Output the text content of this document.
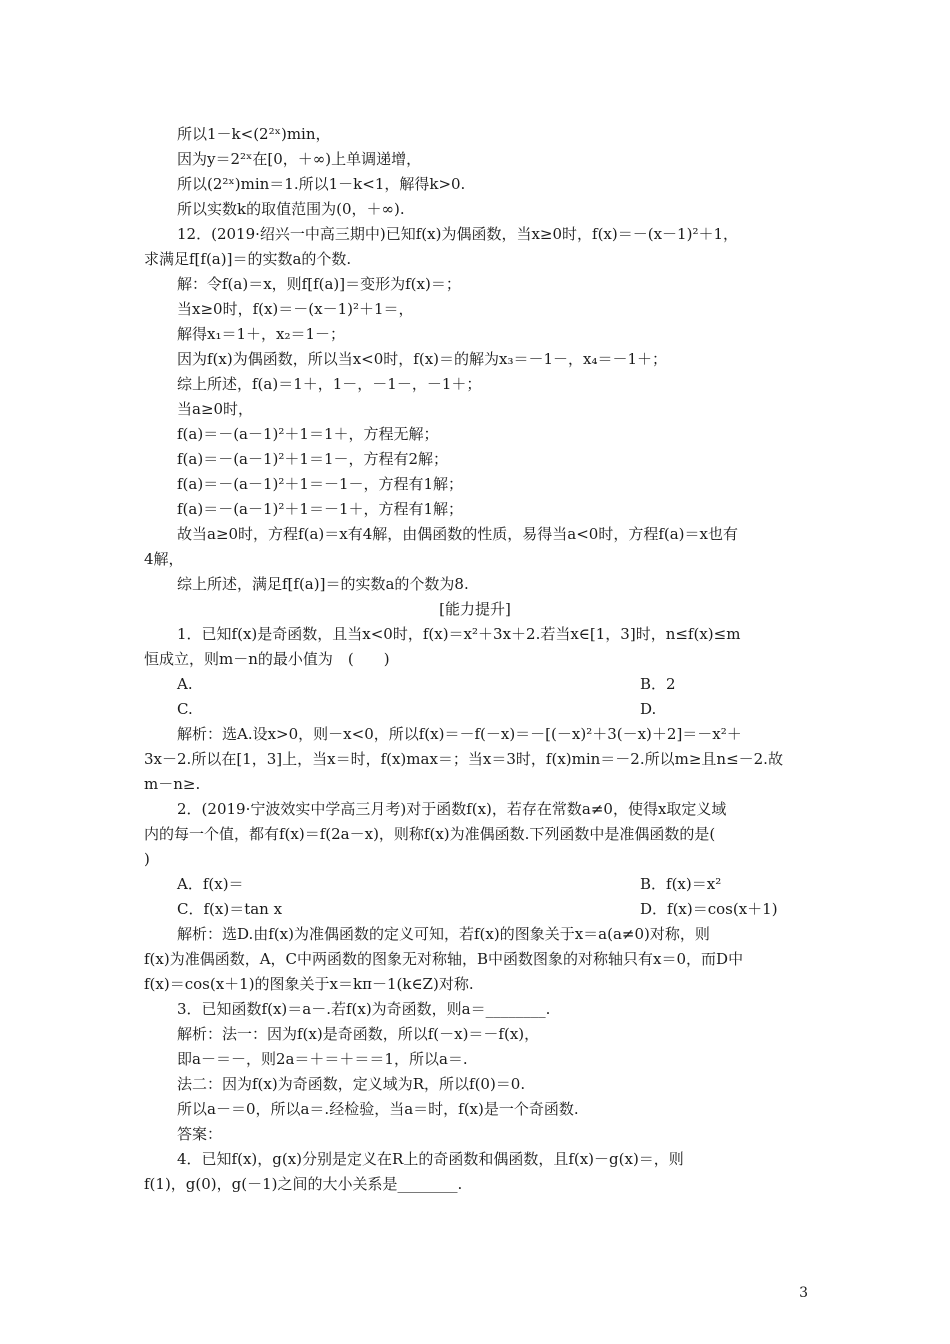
所以1－k<(2²ˣ)min，
因为y＝2²ˣ在[0，＋∞)上单调递增，
所以(2²ˣ)min＝1.所以1－k<1，解得k>0.
所以实数k的取值范围为(0，＋∞).
12．(2019·绍兴一中高三期中)已知f(x)为偶函数，当x≥0时，f(x)＝－(x－1)²＋1，
求满足f[f(a)]＝的实数a的个数.
解：令f(a)＝x，则f[f(a)]＝变形为f(x)＝；
当x≥0时，f(x)＝－(x－1)²＋1＝，
解得x₁＝1＋，x₂＝1－；
因为f(x)为偶函数，所以当x<0时，f(x)＝的解为x₃＝－1－，x₄＝－1＋；
综上所述，f(a)＝1＋，1－，－1－，－1＋；
当a≥0时，
f(a)＝－(a－1)²＋1＝1＋，方程无解；
f(a)＝－(a－1)²＋1＝1－，方程有2解；
f(a)＝－(a－1)²＋1＝－1－，方程有1解；
f(a)＝－(a－1)²＋1＝－1＋，方程有1解；
故当a≥0时，方程f(a)＝x有4解，由偶函数的性质，易得当a<0时，方程f(a)＝x也有
4解，
综上所述，满足f[f(a)]＝的实数a的个数为8.
[能力提升]
1．已知f(x)是奇函数，且当x<0时，f(x)＝x²＋3x＋2.若当x∈[1，3]时，n≤f(x)≤m
恒成立，则m－n的最小值为　(　　)
A.	B．2
C.	D.
解析：选A.设x>0，则－x<0，所以f(x)＝－f(－x)＝－[(－x)²＋3(－x)＋2]＝－x²＋
3x－2.所以在[1，3]上，当x＝时，f(x)max＝；当x＝3时，f(x)min＝－2.所以m≥且n≤－2.故
m－n≥.
2．(2019·宁波效实中学高三月考)对于函数f(x)，若存在常数a≠0，使得x取定义域
内的每一个值，都有f(x)＝f(2a－x)，则称f(x)为准偶函数.下列函数中是准偶函数的是(
)
A．f(x)＝	B．f(x)＝x²
C．f(x)＝tan x	D．f(x)＝cos(x＋1)
解析：选D.由f(x)为准偶函数的定义可知，若f(x)的图象关于x＝a(a≠0)对称，则
f(x)为准偶函数，A，C中两函数的图象无对称轴，B中函数图象的对称轴只有x＝0，而D中
f(x)＝cos(x＋1)的图象关于x＝kπ－1(k∈Z)对称.
3．已知函数f(x)＝a－.若f(x)为奇函数，则a＝________.
解析：法一：因为f(x)是奇函数，所以f(－x)＝－f(x)，
即a－＝－，则2a＝＋＝＋＝＝1，所以a＝.
法二：因为f(x)为奇函数，定义域为R，所以f(0)＝0.
所以a－＝0，所以a＝.经检验，当a＝时，f(x)是一个奇函数.
答案：
4．已知f(x)，g(x)分别是定义在R上的奇函数和偶函数，且f(x)－g(x)＝，则
f(1)，g(0)，g(－1)之间的大小关系是________.
3
